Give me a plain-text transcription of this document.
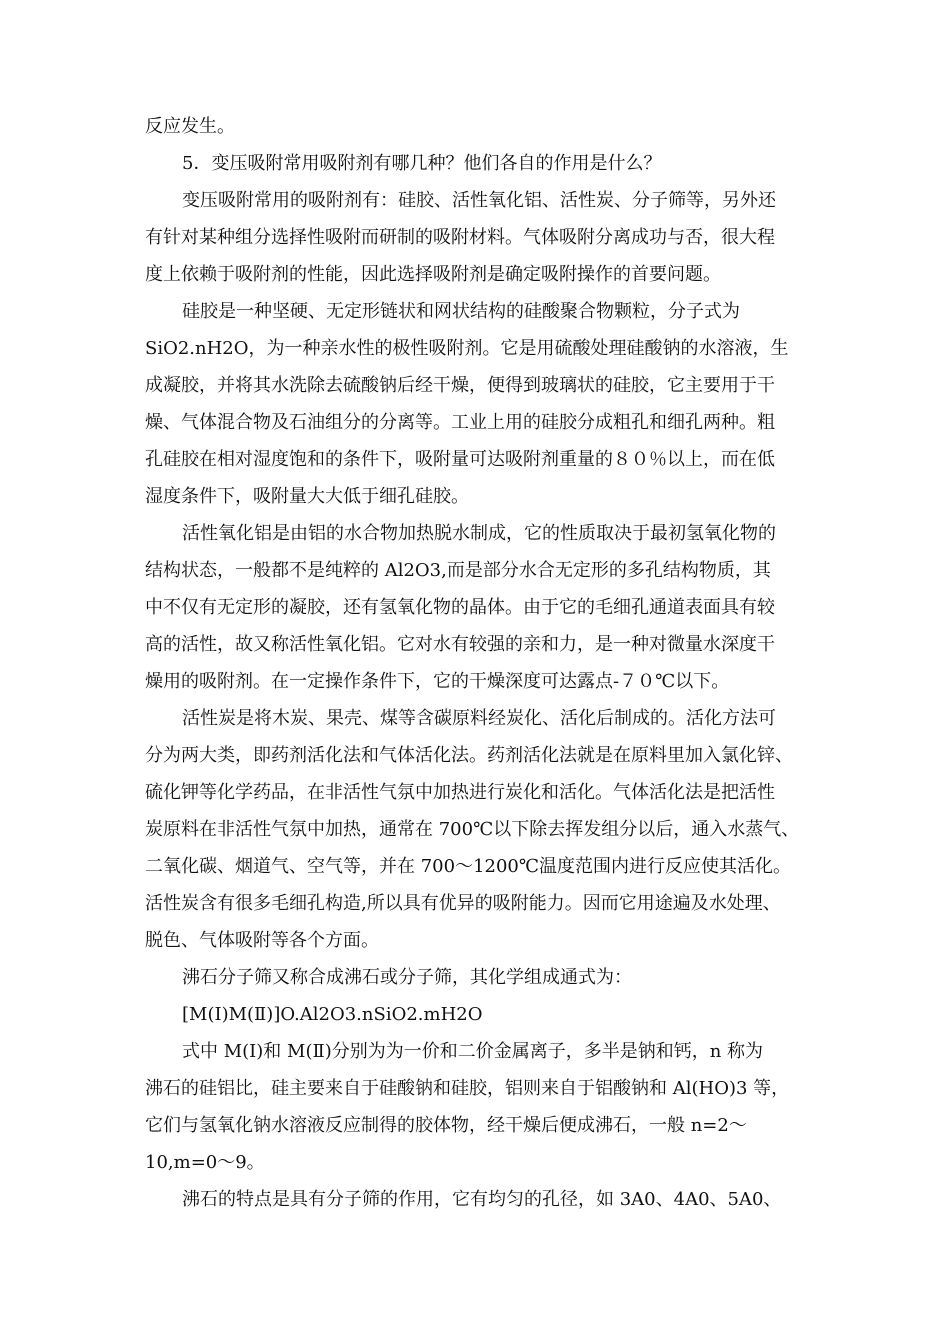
反应发生。
5．变压吸附常用吸附剂有哪几种？他们各自的作用是什么？
变压吸附常用的吸附剂有：硅胶、活性氧化铝、活性炭、分子筛等，另外还
有针对某种组分选择性吸附而研制的吸附材料。气体吸附分离成功与否，很大程
度上依赖于吸附剂的性能，因此选择吸附剂是确定吸附操作的首要问题。
硅胶是一种坚硬、无定形链状和网状结构的硅酸聚合物颗粒，分子式为
SiO2.nH2O，为一种亲水性的极性吸附剂。它是用硫酸处理硅酸钠的水溶液，生
成凝胶，并将其水洗除去硫酸钠后经干燥，便得到玻璃状的硅胶，它主要用于干
燥、气体混合物及石油组分的分离等。工业上用的硅胶分成粗孔和细孔两种。粗
孔硅胶在相对湿度饱和的条件下，吸附量可达吸附剂重量的８０％以上，而在低
湿度条件下，吸附量大大低于细孔硅胶。
活性氧化铝是由铝的水合物加热脱水制成，它的性质取决于最初氢氧化物的
结构状态，一般都不是纯粹的 Al2O3,而是部分水合无定形的多孔结构物质，其
中不仅有无定形的凝胶，还有氢氧化物的晶体。由于它的毛细孔通道表面具有较
高的活性，故又称活性氧化铝。它对水有较强的亲和力，是一种对微量水深度干
燥用的吸附剂。在一定操作条件下，它的干燥深度可达露点-７０℃以下。
活性炭是将木炭、果壳、煤等含碳原料经炭化、活化后制成的。活化方法可
分为两大类，即药剂活化法和气体活化法。药剂活化法就是在原料里加入氯化锌、
硫化钾等化学药品，在非活性气氛中加热进行炭化和活化。气体活化法是把活性
炭原料在非活性气氛中加热，通常在 700℃以下除去挥发组分以后，通入水蒸气、
二氧化碳、烟道气、空气等，并在 700～1200℃温度范围内进行反应使其活化。
活性炭含有很多毛细孔构造,所以具有优异的吸附能力。因而它用途遍及水处理、
脱色、气体吸附等各个方面。
沸石分子筛又称合成沸石或分子筛，其化学组成通式为：
[M(Ⅰ)M(Ⅱ)]O.Al2O3.nSiO2.mH2O
式中 M(Ⅰ)和 M(Ⅱ)分别为为一价和二价金属离子，多半是钠和钙，n 称为
沸石的硅铝比，硅主要来自于硅酸钠和硅胶，铝则来自于铝酸钠和 Al(HO)3 等，
它们与氢氧化钠水溶液反应制得的胶体物，经干燥后便成沸石，一般 n=2～
10,m=0～9。
沸石的特点是具有分子筛的作用，它有均匀的孔径，如 3A0、4A0、5A0、
